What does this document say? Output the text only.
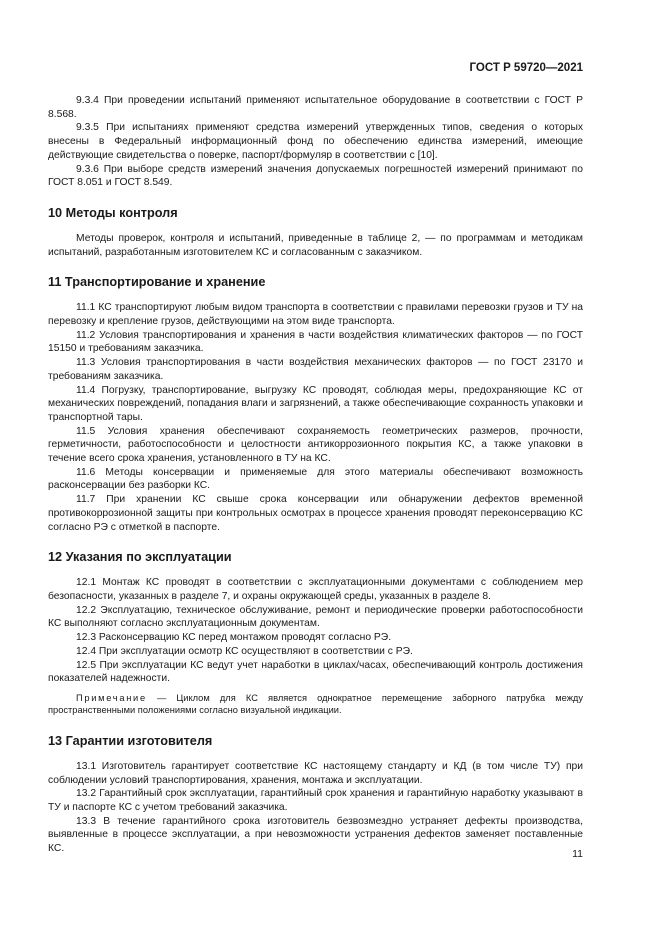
ГОСТ Р 59720—2021

9.3.4 При проведении испытаний применяют испытательное оборудование в соответствии с ГОСТ Р 8.568.

9.3.5 При испытаниях применяют средства измерений утвержденных типов, сведения о которых внесены в Федеральный информационный фонд по обеспечению единства измерений, имеющие действующие свидетельства о поверке, паспорт/формуляр в соответствии с [10].

9.3.6 При выборе средств измерений значения допускаемых погрешностей измерений принимают по ГОСТ 8.051 и ГОСТ 8.549.

10 Методы контроля

Методы проверок, контроля и испытаний, приведенные в таблице 2, — по программам и методикам испытаний, разработанным изготовителем КС и согласованным с заказчиком.

11 Транспортирование и хранение

11.1 КС транспортируют любым видом транспорта в соответствии с правилами перевозки грузов и ТУ на перевозку и крепление грузов, действующими на этом виде транспорта.

11.2 Условия транспортирования и хранения в части воздействия климатических факторов — по ГОСТ 15150 и требованиям заказчика.

11.3 Условия транспортирования в части воздействия механических факторов — по ГОСТ 23170 и требованиям заказчика.

11.4 Погрузку, транспортирование, выгрузку КС проводят, соблюдая меры, предохраняющие КС от механических повреждений, попадания влаги и загрязнений, а также обеспечивающие сохранность упаковки и транспортной тары.

11.5 Условия хранения обеспечивают сохраняемость геометрических размеров, прочности, герметичности, работоспособности и целостности антикоррозионного покрытия КС, а также упаковки в течение всего срока хранения, установленного в ТУ на КС.

11.6 Методы консервации и применяемые для этого материалы обеспечивают возможность расконсервации без разборки КС.

11.7 При хранении КС свыше срока консервации или обнаружении дефектов временной противокоррозионной защиты при контрольных осмотрах в процессе хранения проводят переконсервацию КС согласно РЭ с отметкой в паспорте.

12 Указания по эксплуатации

12.1 Монтаж КС проводят в соответствии с эксплуатационными документами с соблюдением мер безопасности, указанных в разделе 7, и охраны окружающей среды, указанных в разделе 8.

12.2 Эксплуатацию, техническое обслуживание, ремонт и периодические проверки работоспособности КС выполняют согласно эксплуатационным документам.

12.3 Расконсервацию КС перед монтажом проводят согласно РЭ.

12.4 При эксплуатации осмотр КС осуществляют в соответствии с РЭ.

12.5 При эксплуатации КС ведут учет наработки в циклах/часах, обеспечивающий контроль достижения показателей надежности.

Примечание — Циклом для КС является однократное перемещение заборного патрубка между пространственными положениями согласно визуальной индикации.

13 Гарантии изготовителя

13.1 Изготовитель гарантирует соответствие КС настоящему стандарту и КД (в том числе ТУ) при соблюдении условий транспортирования, хранения, монтажа и эксплуатации.

13.2 Гарантийный срок эксплуатации, гарантийный срок хранения и гарантийную наработку указывают в ТУ и паспорте КС с учетом требований заказчика.

13.3 В течение гарантийного срока изготовитель безвозмездно устраняет дефекты производства, выявленные в процессе эксплуатации, а при невозможности устранения дефектов заменяет поставленные КС.	11
